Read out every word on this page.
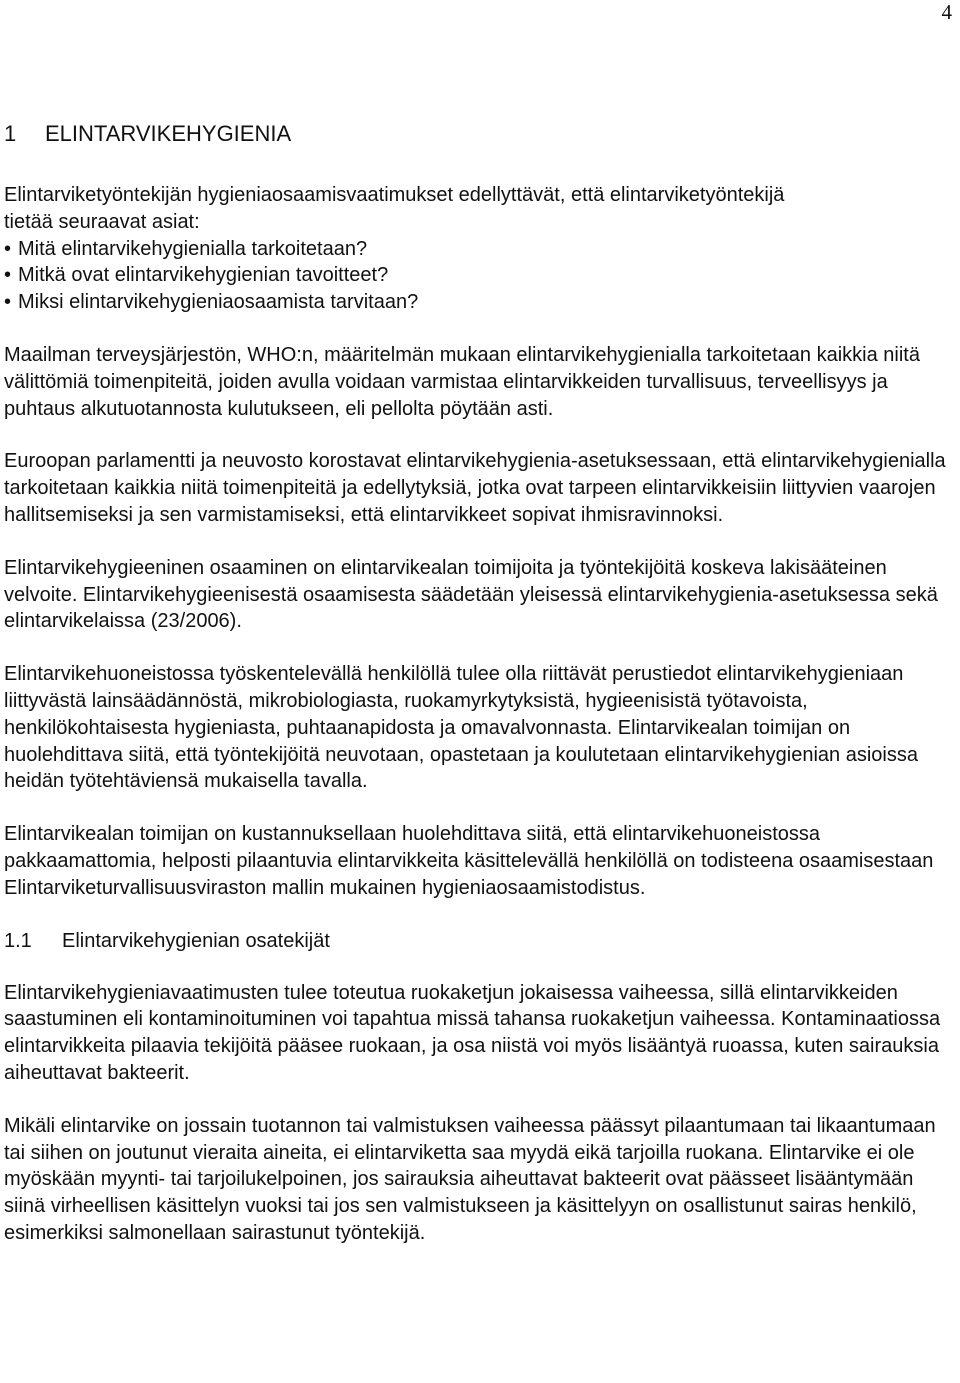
4
1 ELINTARVIKEHYGIENIA

Elintarviketyöntekijän hygieniaosaamisvaatimukset edellyttävät, että elintarviketyöntekijä

tietää seuraavat asiat:

• Mitä elintarvikehygienialla tarkoitetaan?
• Mitkä ovat elintarvikehygienian tavoitteet?
• Miksi elintarvikehygieniaosaamista tarvitaan?

Maailman terveysjärjestön, WHO:n, määritelmän mukaan elintarvikehygienialla tarkoitetaan kaikkia niitä välittömiä toimenpiteitä, joiden avulla voidaan varmistaa elintarvikkeiden turvallisuus, terveellisyys ja puhtaus alkutuotannosta kulutukseen, eli pellolta pöytään asti.

Euroopan parlamentti ja neuvosto korostavat elintarvikehygienia-asetuksessaan, että elintarvikehygienialla tarkoitetaan kaikkia niitä toimenpiteitä ja edellytyksiä, jotka ovat tarpeen elintarvikkeisiin liittyvien vaarojen hallitsemiseksi ja sen varmistamiseksi, että elintarvikkeet sopivat ihmisravinnoksi.

Elintarvikehygieeninen osaaminen on elintarvikealan toimijoita ja työntekijöitä koskeva lakisääteinen velvoite. Elintarvikehygieenisestä osaamisesta säädetään yleisessä elintarvikehygienia-asetuksessa sekä elintarvikelaissa (23/2006).

Elintarvikehuoneistossa työskentelevällä henkilöllä tulee olla riittävät perustiedot elintarvikehygieniaan liittyvästä lainsäädännöstä, mikrobiologiasta, ruokamyrkytyksistä, hygieenisistä työtavoista, henkilökohtaisesta hygieniasta, puhtaanapidosta ja omavalvonnasta. Elintarvikealan toimijan on huolehdittava siitä, että työntekijöitä neuvotaan, opastetaan ja koulutetaan elintarvikehygienian asioissa heidän työtehtäviensä mukaisella tavalla.

Elintarvikealan toimijan on kustannuksellaan huolehdittava siitä, että elintarvikehuoneistossa pakkaamattomia, helposti pilaantuvia elintarvikkeita käsittelevällä henkilöllä on todisteena osaamisestaan Elintarviketurvallisuusviraston mallin mukainen hygieniaosaamistodistus.

1.1 Elintarvikehygienian osatekijät

Elintarvikehygieniavaatimusten tulee toteutua ruokaketjun jokaisessa vaiheessa, sillä elintarvikkeiden saastuminen eli kontaminoituminen voi tapahtua missä tahansa ruokaketjun vaiheessa. Kontaminaatiossa elintarvikkeita pilaavia tekijöitä pääsee ruokaan, ja osa niistä voi myös lisääntyä ruoassa, kuten sairauksia aiheuttavat bakteerit.

Mikäli elintarvike on jossain tuotannon tai valmistuksen vaiheessa päässyt pilaantumaan tai likaantumaan tai siihen on joutunut vieraita aineita, ei elintarviketta saa myydä eikä tarjoilla ruokana. Elintarvike ei ole myöskään myynti- tai tarjoilukelpoinen, jos sairauksia aiheuttavat bakteerit ovat päässeet lisääntymään siinä virheellisen käsittelyn vuoksi tai jos sen valmistukseen ja käsittelyyn on osallistunut sairas henkilö, esimerkiksi salmonellaan sairastunut työntekijä.
